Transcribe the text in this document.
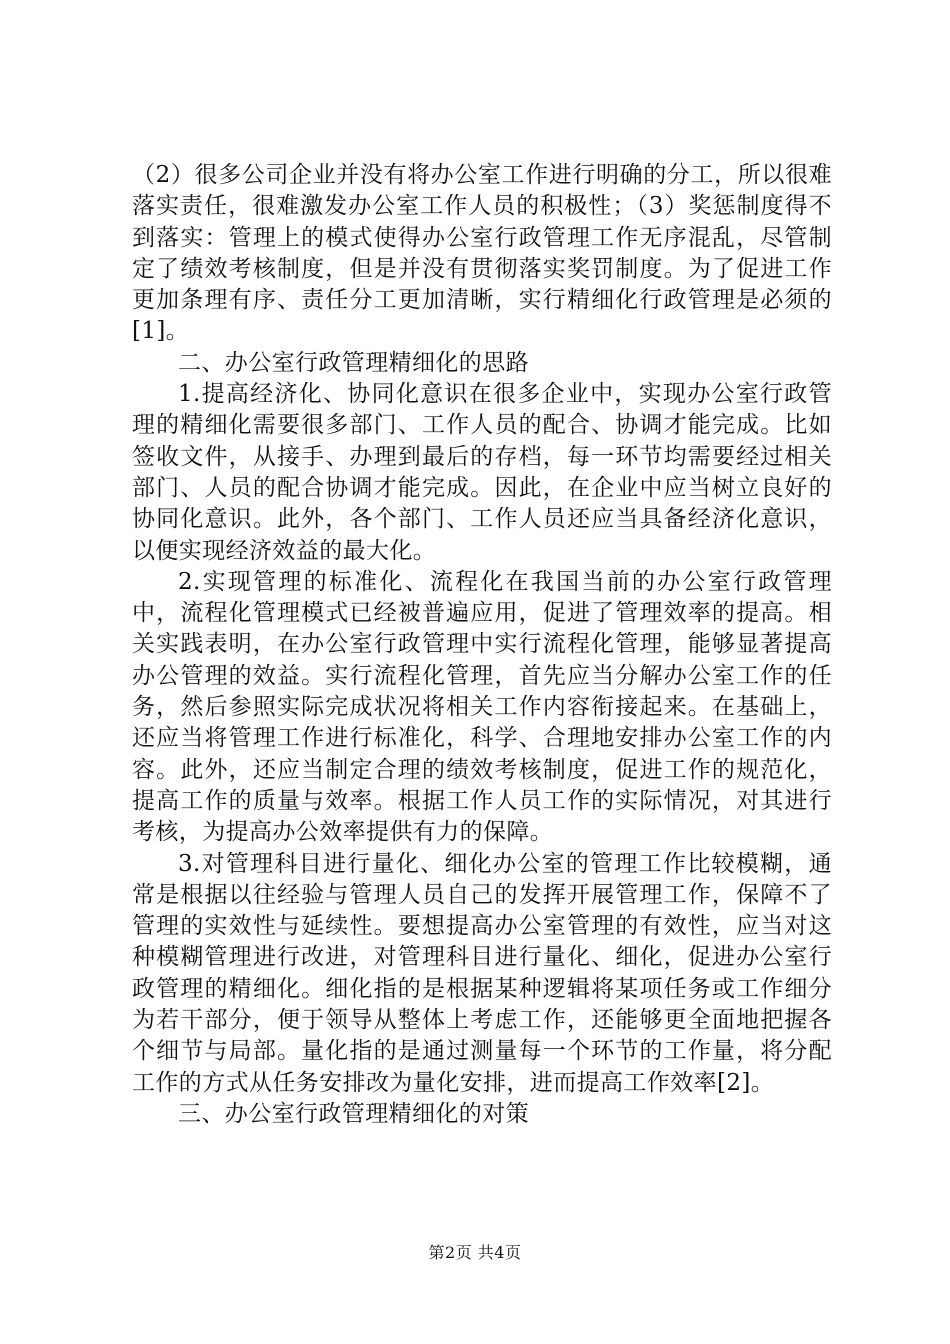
（2）很多公司企业并没有将办公室工作进行明确的分工，所以很难落实责任，很难激发办公室工作人员的积极性；（3）奖惩制度得不到落实：管理上的模式使得办公室行政管理工作无序混乱，尽管制定了绩效考核制度，但是并没有贯彻落实奖罚制度。为了促进工作更加条理有序、责任分工更加清晰，实行精细化行政管理是必须的[1]。

二、办公室行政管理精细化的思路

1.提高经济化、协同化意识在很多企业中，实现办公室行政管理的精细化需要很多部门、工作人员的配合、协调才能完成。比如签收文件，从接手、办理到最后的存档，每一环节均需要经过相关部门、人员的配合协调才能完成。因此，在企业中应当树立良好的协同化意识。此外，各个部门、工作人员还应当具备经济化意识，以便实现经济效益的最大化。

2.实现管理的标准化、流程化在我国当前的办公室行政管理中，流程化管理模式已经被普遍应用，促进了管理效率的提高。相关实践表明，在办公室行政管理中实行流程化管理，能够显著提高办公管理的效益。实行流程化管理，首先应当分解办公室工作的任务，然后参照实际完成状况将相关工作内容衔接起来。在基础上，还应当将管理工作进行标准化，科学、合理地安排办公室工作的内容。此外，还应当制定合理的绩效考核制度，促进工作的规范化，提高工作的质量与效率。根据工作人员工作的实际情况，对其进行考核，为提高办公效率提供有力的保障。

3.对管理科目进行量化、细化办公室的管理工作比较模糊，通常是根据以往经验与管理人员自己的发挥开展管理工作，保障不了管理的实效性与延续性。要想提高办公室管理的有效性，应当对这种模糊管理进行改进，对管理科目进行量化、细化，促进办公室行政管理的精细化。细化指的是根据某种逻辑将某项任务或工作细分为若干部分，便于领导从整体上考虑工作，还能够更全面地把握各个细节与局部。量化指的是通过测量每一个环节的工作量，将分配工作的方式从任务安排改为量化安排，进而提高工作效率[2]。

三、办公室行政管理精细化的对策

第2页 共4页
